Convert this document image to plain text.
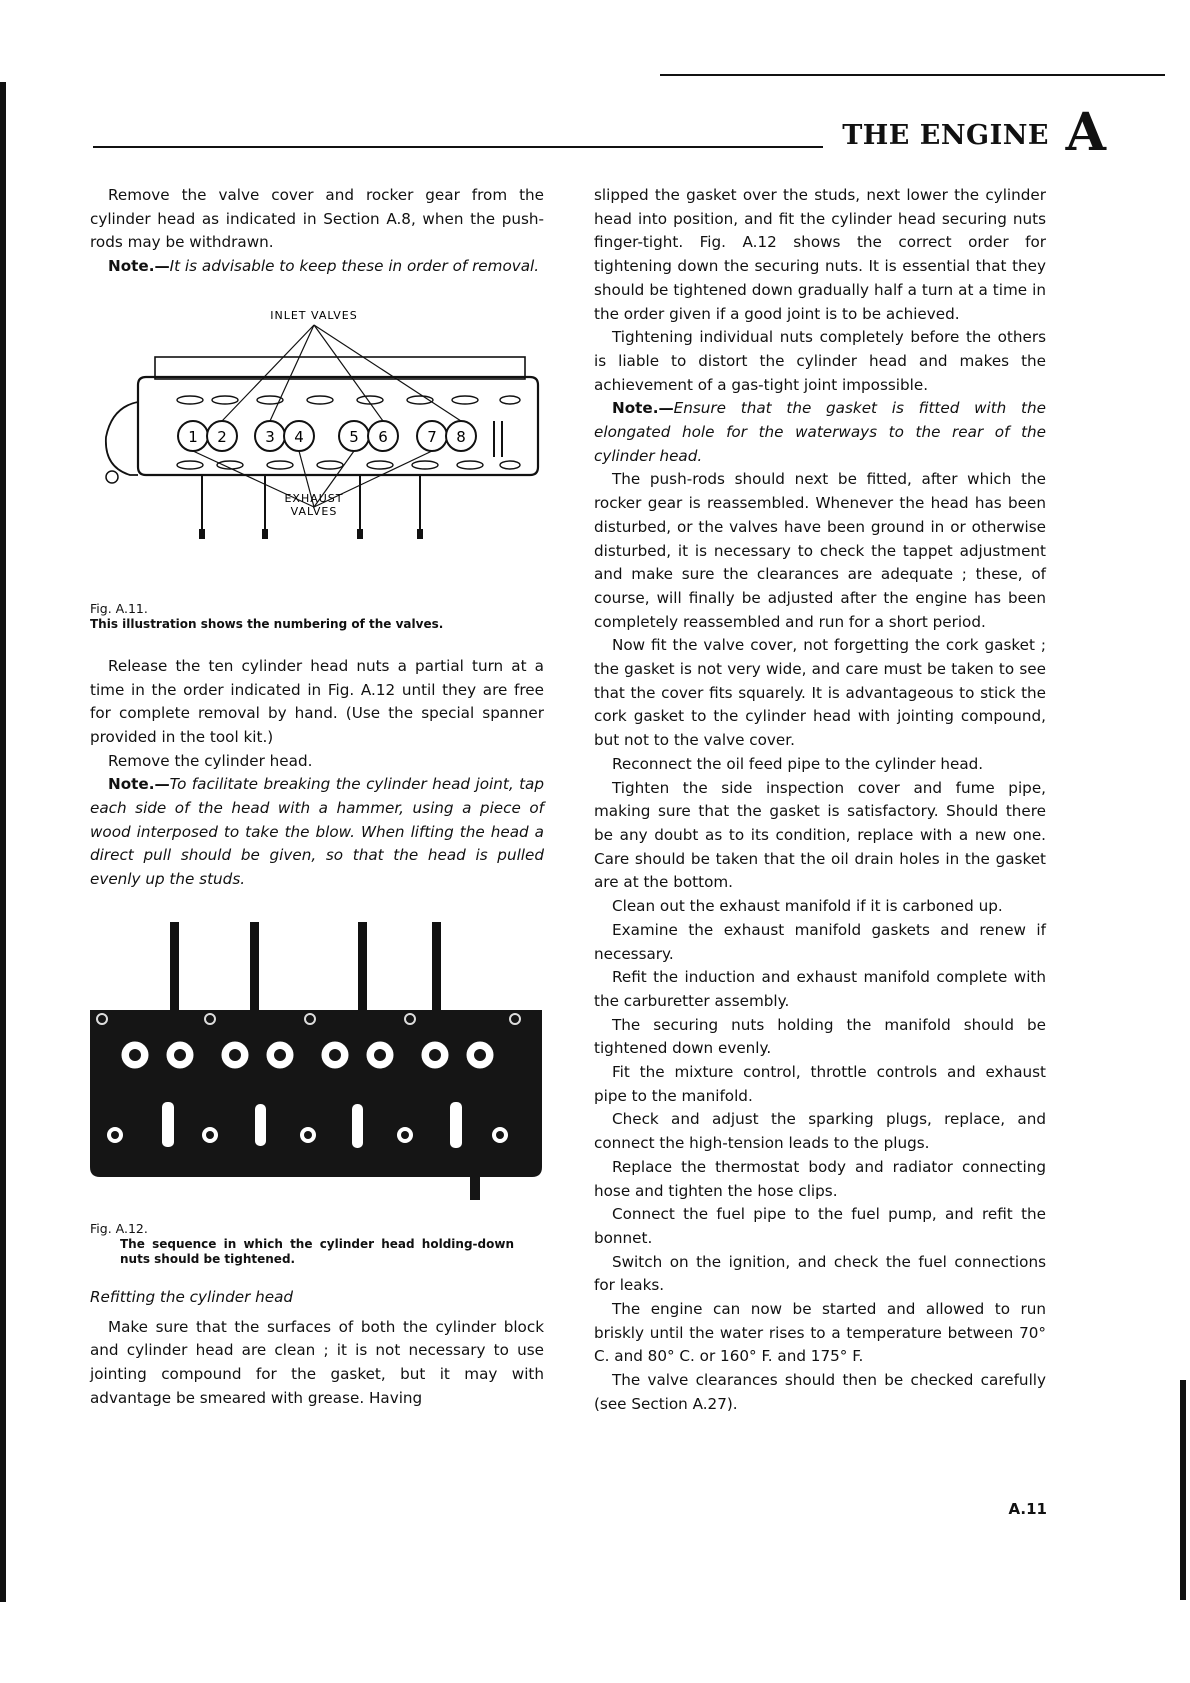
THE ENGINE A

Remove the valve cover and rocker gear from the cylinder head as indicated in Section A.8, when the push-rods may be withdrawn.

Note.—It is advisable to keep these in order of removal.

INLET VALVES
1 2	3 4	5 6	7 8
EXHAUST
VALVES

Fig. A.11.

This illustration shows the numbering of the valves.

Release the ten cylinder head nuts a partial turn at a time in the order indicated in Fig. A.12 until they are free for complete removal by hand. (Use the special spanner provided in the tool kit.)

Remove the cylinder head.

Note.—To facilitate breaking the cylinder head joint, tap each side of the head with a hammer, using a piece of wood interposed to take the blow. When lifting the head a direct pull should be given, so that the head is pulled evenly up the studs.

Fig. A.12.

The sequence in which the cylinder head holding-down nuts should be tightened.

Refitting the cylinder head

Make sure that the surfaces of both the cylinder block and cylinder head are clean ; it is not necessary to use jointing compound for the gasket, but it may with advantage be smeared with grease. Having

slipped the gasket over the studs, next lower the cylinder head into position, and fit the cylinder head securing nuts finger-tight. Fig. A.12 shows the correct order for tightening down the securing nuts. It is essential that they should be tightened down gradually half a turn at a time in the order given if a good joint is to be achieved.

Tightening individual nuts completely before the others is liable to distort the cylinder head and makes the achievement of a gas-tight joint impossible.

Note.—Ensure that the gasket is fitted with the elongated hole for the waterways to the rear of the cylinder head.

The push-rods should next be fitted, after which the rocker gear is reassembled. Whenever the head has been disturbed, or the valves have been ground in or otherwise disturbed, it is necessary to check the tappet adjustment and make sure the clearances are adequate ; these, of course, will finally be adjusted after the engine has been completely reassembled and run for a short period.

Now fit the valve cover, not forgetting the cork gasket ; the gasket is not very wide, and care must be taken to see that the cover fits squarely. It is advantageous to stick the cork gasket to the cylinder head with jointing compound, but not to the valve cover.

Reconnect the oil feed pipe to the cylinder head.

Tighten the side inspection cover and fume pipe, making sure that the gasket is satisfactory. Should there be any doubt as to its condition, replace with a new one. Care should be taken that the oil drain holes in the gasket are at the bottom.

Clean out the exhaust manifold if it is carboned up.

Examine the exhaust manifold gaskets and renew if necessary.

Refit the induction and exhaust manifold complete with the carburetter assembly.

The securing nuts holding the manifold should be tightened down evenly.

Fit the mixture control, throttle controls and exhaust pipe to the manifold.

Check and adjust the sparking plugs, replace, and connect the high-tension leads to the plugs.

Replace the thermostat body and radiator connecting hose and tighten the hose clips.

Connect the fuel pipe to the fuel pump, and refit the bonnet.

Switch on the ignition, and check the fuel connections for leaks.

The engine can now be started and allowed to run briskly until the water rises to a temperature between 70° C. and 80° C. or 160° F. and 175° F.

The valve clearances should then be checked carefully (see Section A.27).

A.11
